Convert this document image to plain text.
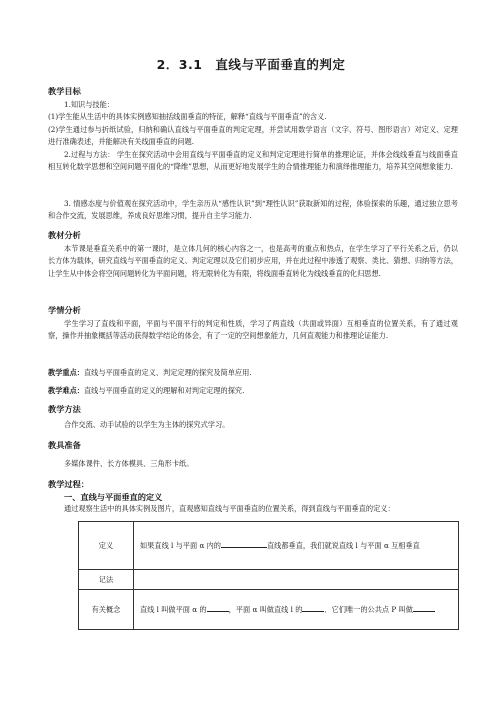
2．3.1　直线与平面垂直的判定
教学目标
1.知识与技能：
(1)学生能从生活中的具体实例感知抽括线面垂直的特征，解释“直线与平面垂直”的含义.
(2)学生通过参与折纸试验，归纳和确认直线与平面垂直的判定定理，并尝试用数学语言（文字、符号、图形语言）对定义、定理进行准确表述，并能解决有关线面垂直的问题.
2.过程与方法： 学生在探究活动中会用直线与平面垂直的定义和判定定理进行简单的推理论证，并体会线线垂直与线面垂直相互转化数学思想和空间问题平面化的“降维”思想，从而更好地发展学生的合情推理能力和演绎推理能力，培养其空间想象能力.
3. 情感态度与价值观在探究活动中，学生亲历从“感性认识”到“理性认识”获取新知的过程，体验探索的乐趣，通过独立思考和合作交流，发展思维，养成良好思维习惯，提升自主学习能力.
教材分析
本节课是垂直关系中的第一课时，是立体几何的核心内容之一，也是高考的重点和热点，在学生学习了平行关系之后，仍以长方体为载体，研究直线与平面垂直的定义、判定定理以及它们初步应用，并在此过程中渗透了观察、类比、猜想、归纳等方法，让学生从中体会将空间问题转化为平面问题，将无限转化为有限，将线面垂直转化为线线垂直的化归思想.
学情分析
学生学习了直线和平面，平面与平面平行的判定和性质，学习了两直线（共面或异面）互相垂直的位置关系，有了通过观察，操作并抽象概括等活动获得数学结论的体会，有了一定的空间想象能力，几何直观能力和推理论证能力.
教学重点：直线与平面垂直的定义、判定定理的探究及简单应用.
教学难点：直线与平面垂直的定义的理解和对判定定理的探究.
教学方法
合作交流、动手试验的以学生为主体的探究式学习。
教具准备
多媒体课件、长方体模具、三角形卡纸。
教学过程：
一、直线与平面垂直的定义
通过观察生活中的具体实例及图片，直观感知直线与平面垂直的位置关系，得到直线与平面垂直的定义：
定义	如果直线 l 与平面 α 内的 直线都垂直，我们就说直线 l 与平面 α 互相垂直
记法	
有关概念	直线 l 叫做平面 α 的 ，平面 α 叫做直线 l 的 ．它们唯一的公共点 P 叫做
